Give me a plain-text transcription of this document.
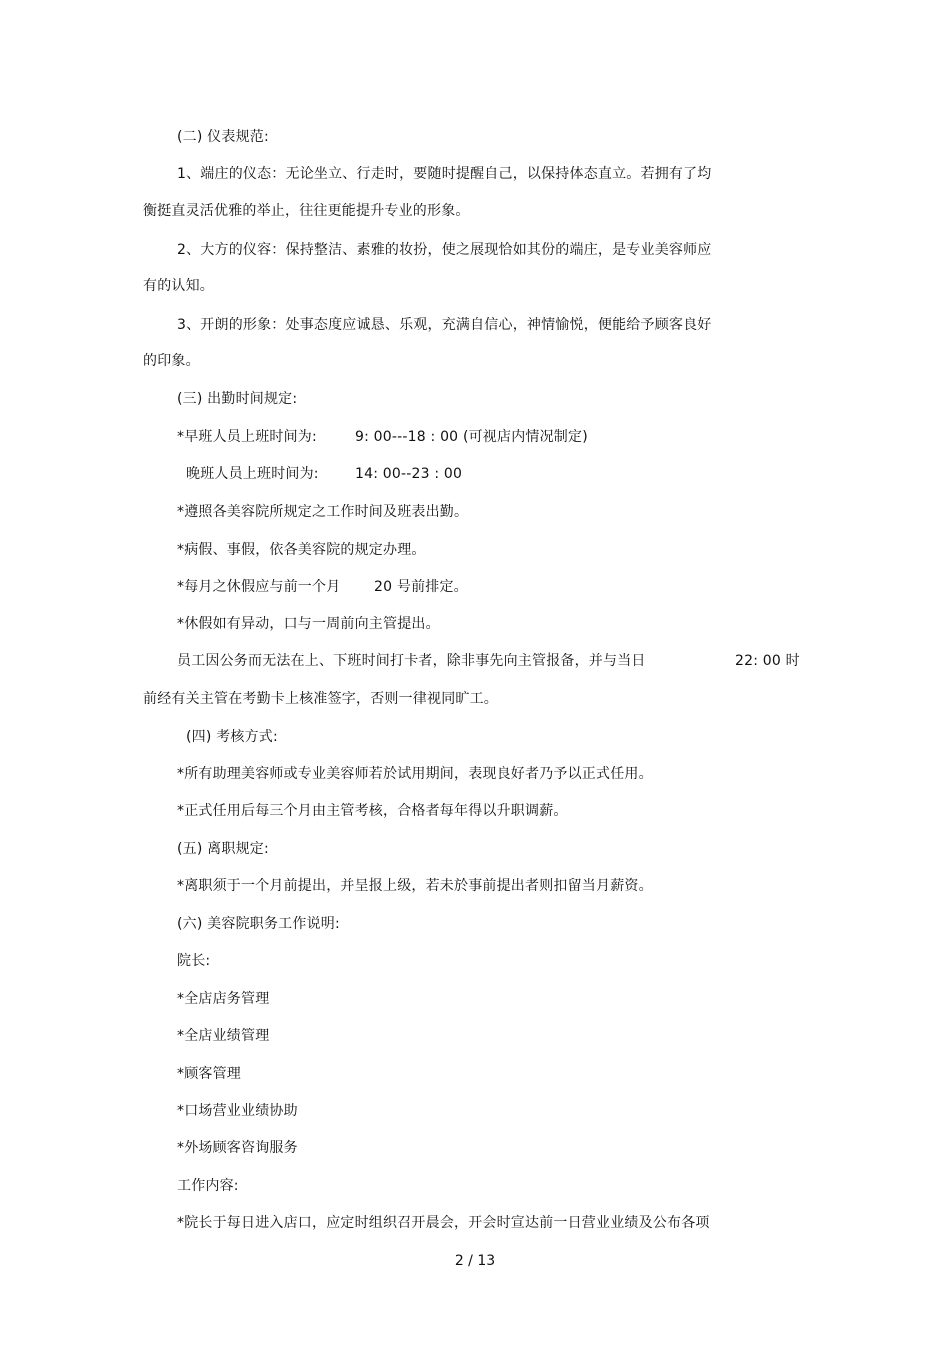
(二) 仪表规范:
1、端庄的仪态：无论坐立、行走时，要随时提醒自己，以保持体态直立。若拥有了均
衡挺直灵活优雅的举止，往往更能提升专业的形象。
2、大方的仪容：保持整洁、素雅的妆扮，使之展现恰如其份的端庄，是专业美容师应
有的认知。
3、开朗的形象：处事态度应诚恳、乐观，充满自信心，神情愉悦，便能给予顾客良好
的印象。
(三) 出勤时间规定:
*早班人员上班时间为:	9: 00---18 : 00 (可视店内情况制定)
晚班人员上班时间为:	14: 00--23 : 00
*遵照各美容院所规定之工作时间及班表出勤。
*病假、事假，依各美容院的规定办理。
*每月之休假应与前一个月 20 号前排定。
*休假如有异动，口与一周前向主管提出。
员工因公务而无法在上、下班时间打卡者，除非事先向主管报备，并与当日	22: 00 时
前经有关主管在考勤卡上核准签字，否则一律视同旷工。
(四) 考核方式:
*所有助理美容师或专业美容师若於试用期间，表现良好者乃予以正式任用。
*正式任用后每三个月由主管考核，合格者每年得以升职调薪。
(五) 离职规定:
*离职须于一个月前提出，并呈报上级，若未於事前提出者则扣留当月薪资。
(六) 美容院职务工作说明:
院长:
*全店店务管理
*全店业绩管理
*顾客管理
*口场营业业绩协助
*外场顾客咨询服务
工作内容:
*院长于每日进入店口，应定时组织召开晨会，开会时宣达前一日营业业绩及公布各项
2 / 13
